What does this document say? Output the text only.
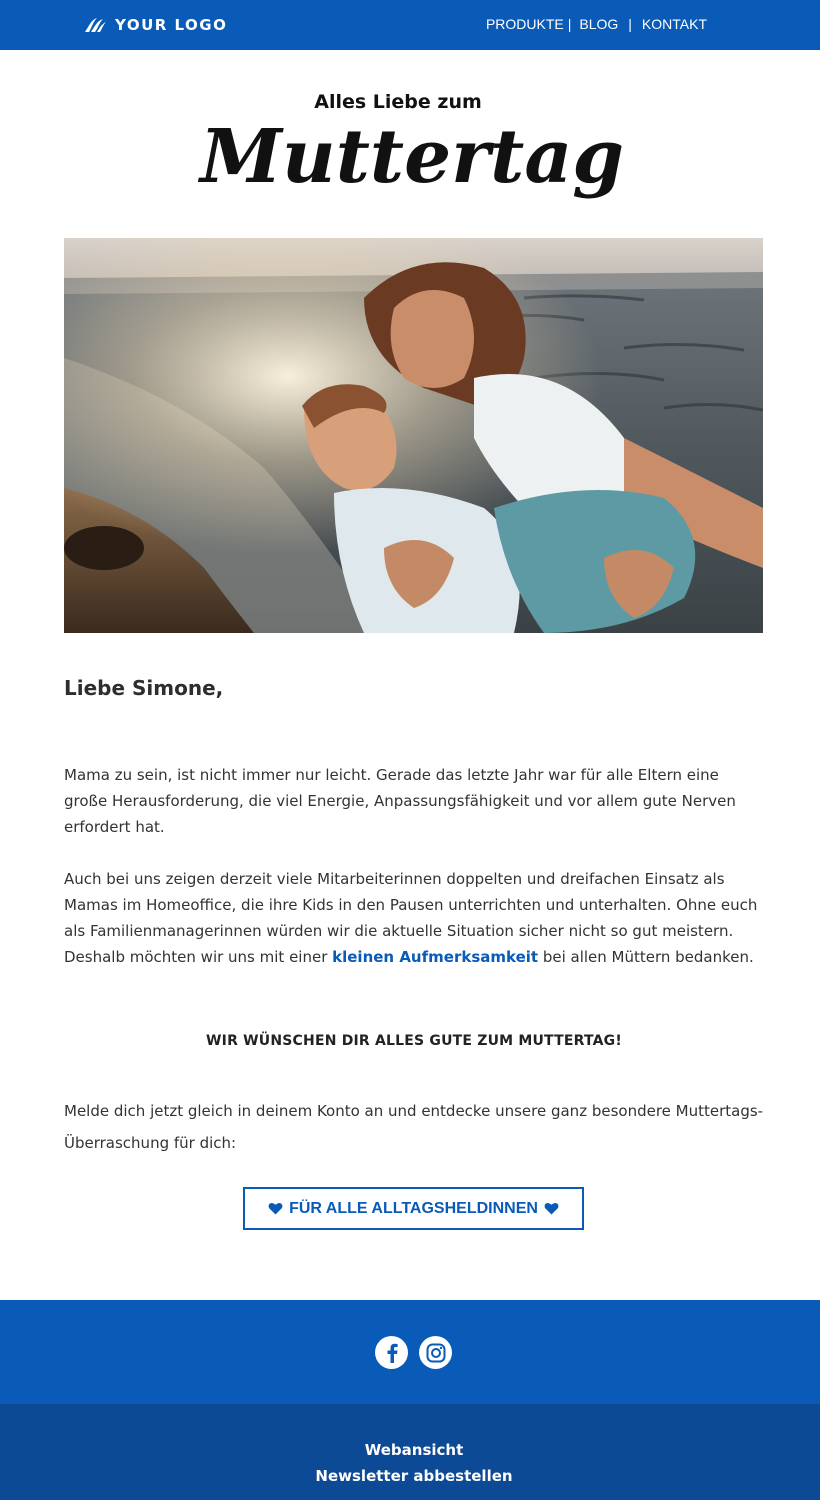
YOUR LOGO	PRODUKTE | BLOG | KONTAKT
Alles Liebe zum
Muttertag
Liebe Simone,

Mama zu sein, ist nicht immer nur leicht. Gerade das letzte Jahr war für alle Eltern eine große Herausforderung, die viel Energie, Anpassungsfähigkeit und vor allem gute Nerven erfordert hat.

Auch bei uns zeigen derzeit viele Mitarbeiterinnen doppelten und dreifachen Einsatz als Mamas im Homeoffice, die ihre Kids in den Pausen unterrichten und unterhalten. Ohne euch als Familienmanagerinnen würden wir die aktuelle Situation sicher nicht so gut meistern. Deshalb möchten wir uns mit einer kleinen Aufmerksamkeit bei allen Müttern bedanken.

WIR WÜNSCHEN DIR ALLES GUTE ZUM MUTTERTAG!

Melde dich jetzt gleich in deinem Konto an und entdecke unsere ganz besondere Muttertags-Überraschung für dich:

FÜR ALLE ALLTAGSHELDINNEN
Webansicht
Newsletter abbestellen
